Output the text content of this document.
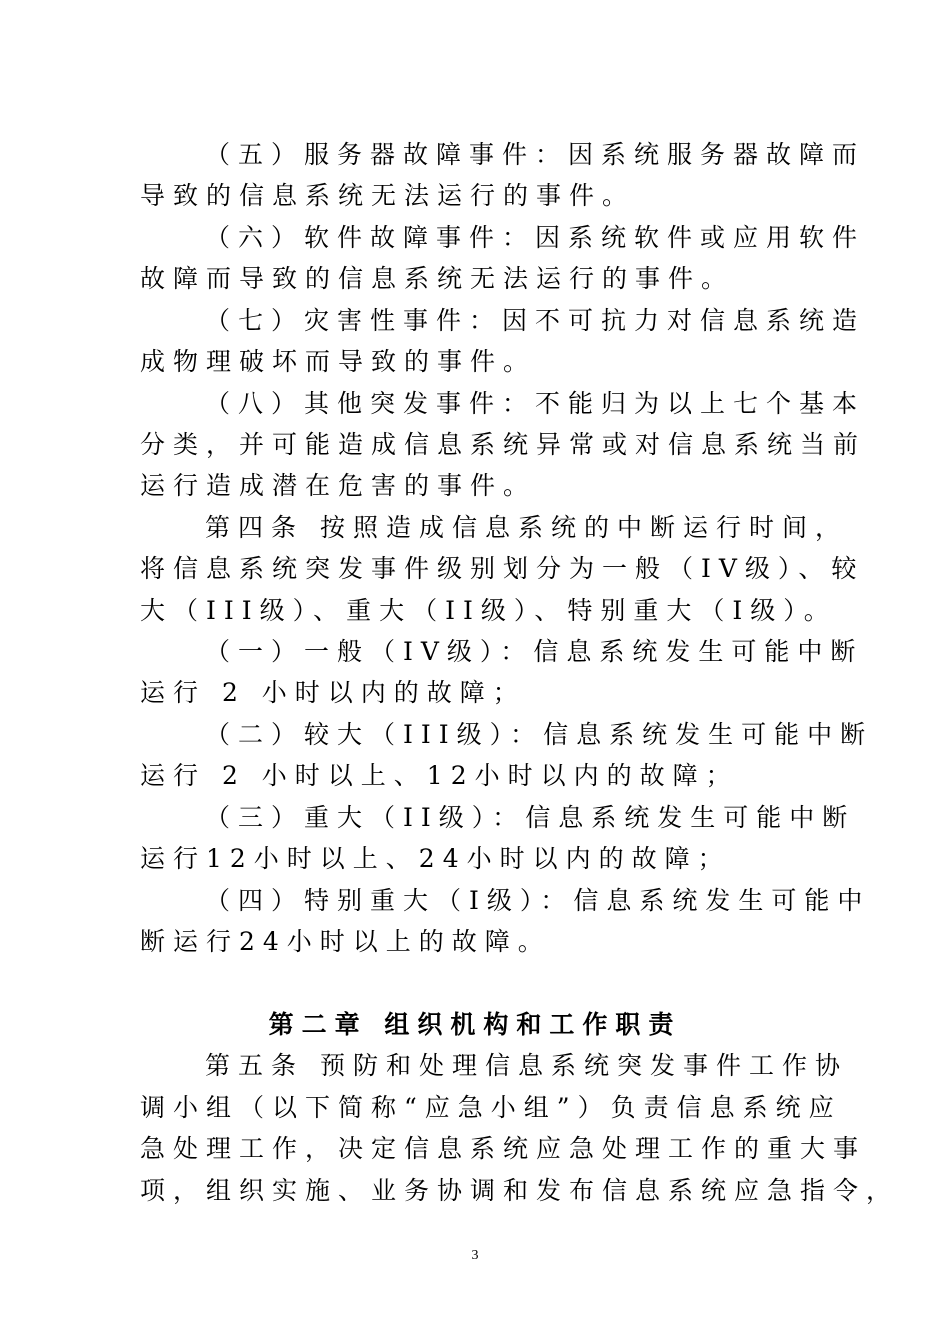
（五）服务器故障事件：因系统服务器故障而
导致的信息系统无法运行的事件。
（六）软件故障事件：因系统软件或应用软件
故障而导致的信息系统无法运行的事件。
（七）灾害性事件：因不可抗力对信息系统造
成物理破坏而导致的事件。
（八）其他突发事件：不能归为以上七个基本
分类，并可能造成信息系统异常或对信息系统当前
运行造成潜在危害的事件。
第四条 按照造成信息系统的中断运行时间，
将信息系统突发事件级别划分为一般（IV级）、较
大（III级）、重大（II级）、特别重大（I级）。
（一）一般（IV级）：信息系统发生可能中断
运行 2 小时以内的故障；
（二）较大（III级）：信息系统发生可能中断
运行 2 小时以上、12小时以内的故障；
（三）重大（II级）：信息系统发生可能中断
运行12小时以上、24小时以内的故障；
（四）特别重大（I级）：信息系统发生可能中
断运行24小时以上的故障。
第二章 组织机构和工作职责
第五条 预防和处理信息系统突发事件工作协
调小组（以下简称“应急小组”）负责信息系统应
急处理工作，决定信息系统应急处理工作的重大事
项，组织实施、业务协调和发布信息系统应急指令，
3
